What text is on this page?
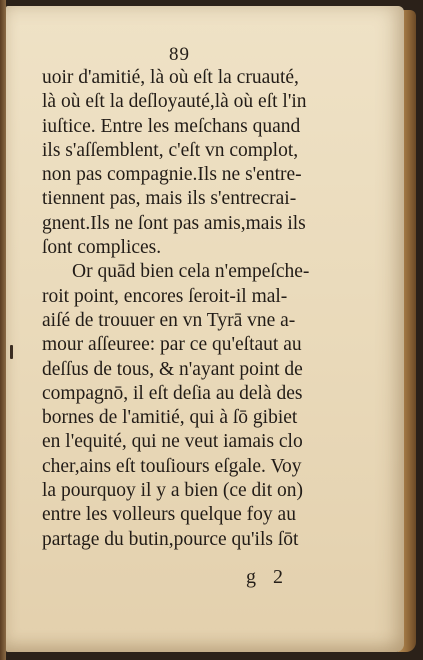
89
uoir d'amitié, là où eſt la cruauté,
là où eſt la deſloyauté,là où eſt l'in
iuſtice. Entre les meſchans quand
ils s'aſſemblent, c'eſt vn complot,
non pas compagnie.Ils ne s'entre-
tiennent pas, mais ils s'entrecrai-
gnent.Ils ne ſont pas amis,mais ils
ſont complices.
Or quād bien cela n'empeſche-
roit point, encores ſeroit-il mal-
aiſé de trouuer en vn Tyrā vne a-
mour aſſeuree: par ce qu'eſtaut au
deſſus de tous, & n'ayant point de
compagnō, il eſt deſia au delà des
bornes de l'amitié, qui à ſō gibiet
en l'equité, qui ne veut iamais clo
cher,ains eſt touſiours eſgale. Voy
la pourquoy il y a bien (ce dit on)
entre les volleurs quelque foy au
partage du butin,pource qu'ils ſōt
g 2
